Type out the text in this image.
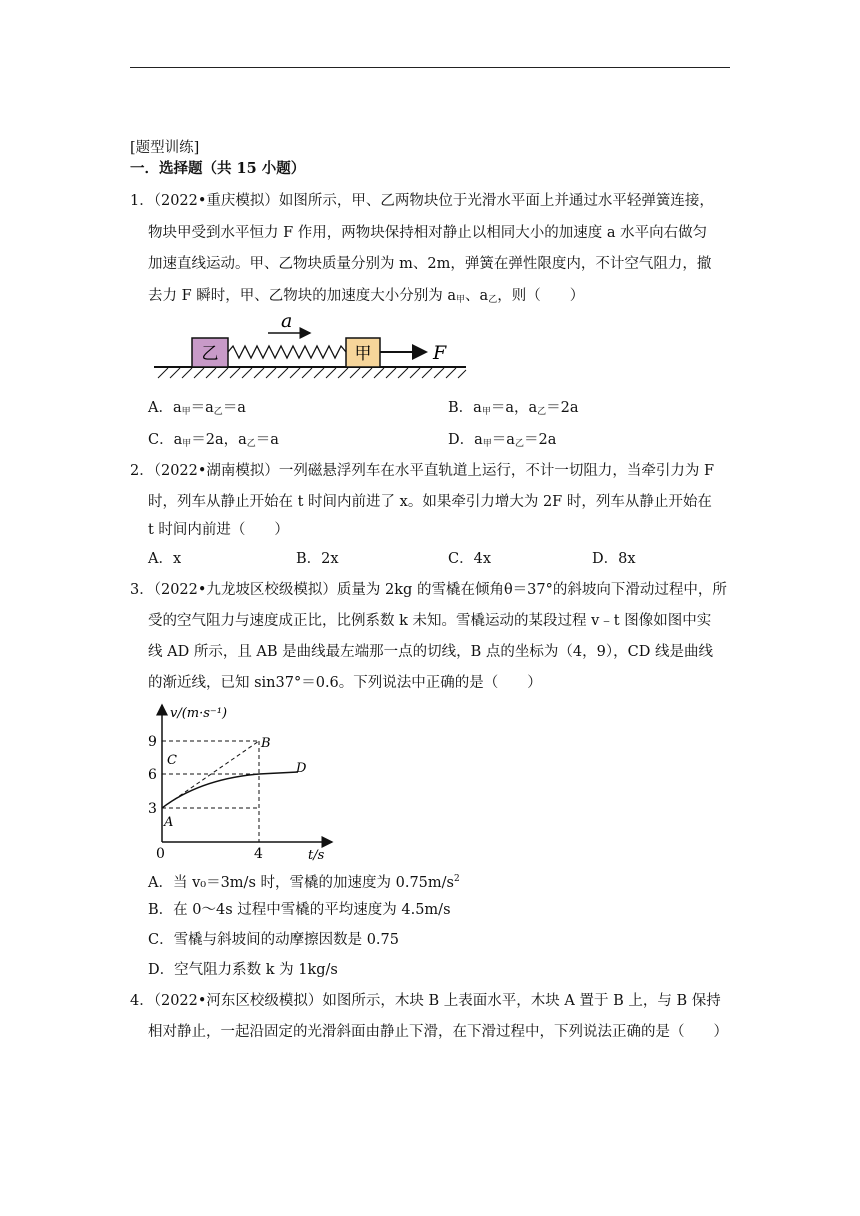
[题型训练]
一．选择题（共 15 小题）
1．（2022•重庆模拟）如图所示，甲、乙两物块位于光滑水平面上并通过水平轻弹簧连接，
物块甲受到水平恒力 F 作用，两物块保持相对静止以相同大小的加速度 a 水平向右做匀
加速直线运动。甲、乙物块质量分别为 m、2m，弹簧在弹性限度内，不计空气阻力，撤
去力 F 瞬时，甲、乙物块的加速度大小分别为 $a_甲$、$a_乙$，则（　　）
乙	甲	F
a
A．$a_甲=a_乙=a$	B．$a_甲=a$，$a_乙=2a$
C．$a_甲=2a$，$a_乙=a$	D．$a_甲=a_乙=2a$
2．（2022•湖南模拟）一列磁悬浮列车在水平直轨道上运行，不计一切阻力，当牵引力为 F
时，列车从静止开始在 t 时间内前进了 x。如果牵引力增大为 2F 时，列车从静止开始在
t 时间内前进（　　）
A．x	B．2x	C．4x	D．8x
3．（2022•九龙坡区校级模拟）质量为 2kg 的雪橇在倾角θ＝37°的斜坡向下滑动过程中，所
受的空气阻力与速度成正比，比例系数 k 未知。雪橇运动的某段过程 v﹣t 图像如图中实
线 AD 所示，且 AB 是曲线最左端那一点的切线，B 点的坐标为（4，9），CD 线是曲线
的渐近线，已知 sin37°＝0.6。下列说法中正确的是（　　）
v/(m·s⁻¹)
t/s
9
6
3
0	4
A
B
C
D
A．当 v₀＝3m/s 时，雪橇的加速度为 $0.75m/s^2$
B．在 0～4s 过程中雪橇的平均速度为 4.5m/s
C．雪橇与斜坡间的动摩擦因数是 0.75
D．空气阻力系数 k 为 1kg/s
4．（2022•河东区校级模拟）如图所示，木块 B 上表面水平，木块 A 置于 B 上，与 B 保持
相对静止，一起沿固定的光滑斜面由静止下滑，在下滑过程中，下列说法正确的是（　　）
